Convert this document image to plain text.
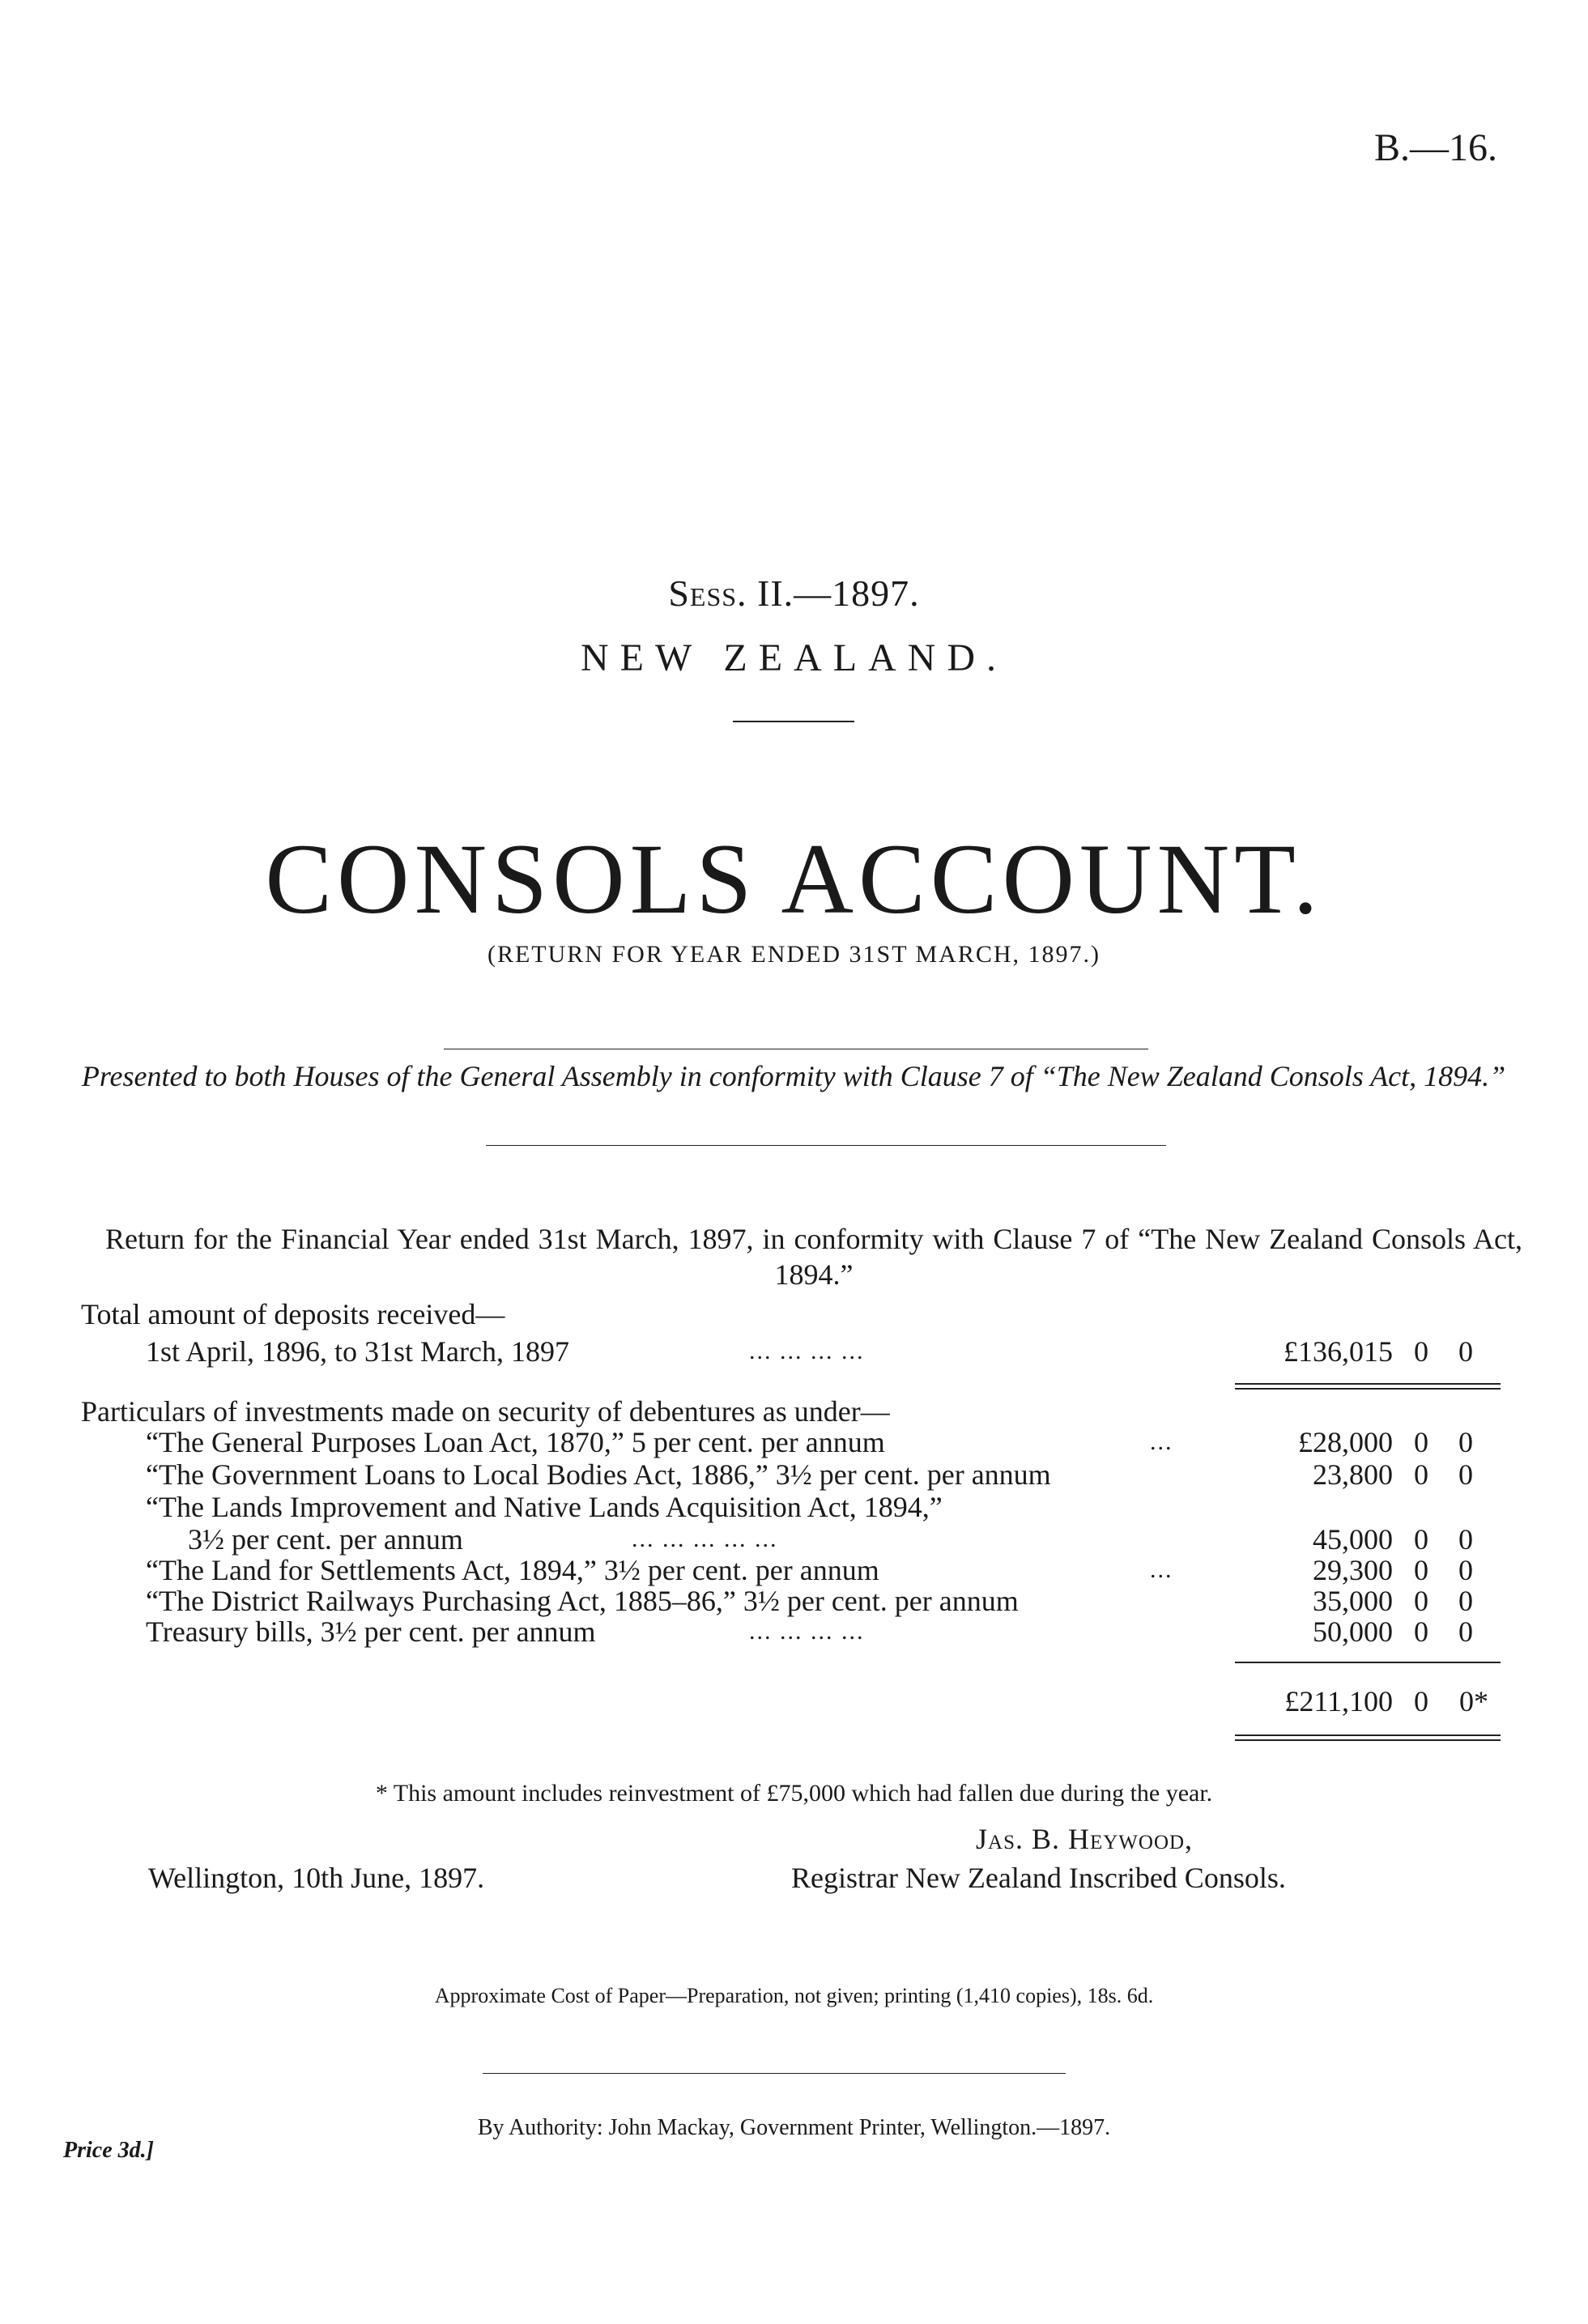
B.—16.
Sess. II.—1897.
NEW ZEALAND.
CONSOLS ACCOUNT.
(RETURN FOR YEAR ENDED 31ST MARCH, 1897.)
Presented to both Houses of the General Assembly in conformity with Clause 7 of “The New Zealand Consols Act, 1894.”
Return for the Financial Year ended 31st March, 1897, in conformity with Clause 7 of “The New Zealand Consols Act, 1894.”
Total amount of deposits received—
1st April, 1896, to 31st March, 1897	... ... ... ...	£136,015 0 0
Particulars of investments made on security of debentures as under—
“The General Purposes Loan Act, 1870,” 5 per cent. per annum	...	£28,000 0 0
“The Government Loans to Local Bodies Act, 1886,” 3½ per cent. per annum	23,800 0 0
“The Lands Improvement and Native Lands Acquisition Act, 1894,”
3½ per cent. per annum	... ... ... ... ...	45,000 0 0
“The Land for Settlements Act, 1894,” 3½ per cent. per annum	...	29,300 0 0
“The District Railways Purchasing Act, 1885–86,” 3½ per cent. per annum	35,000 0 0
Treasury bills, 3½ per cent. per annum	... ... ... ...	50,000 0 0
£211,100 0 0*
* This amount includes reinvestment of £75,000 which had fallen due during the year.
Jas. B. Heywood,
Wellington, 10th June, 1897.	Registrar New Zealand Inscribed Consols.
Approximate Cost of Paper—Preparation, not given; printing (1,410 copies), 18s. 6d.
By Authority: John Mackay, Government Printer, Wellington.—1897.
Price 3d.]
